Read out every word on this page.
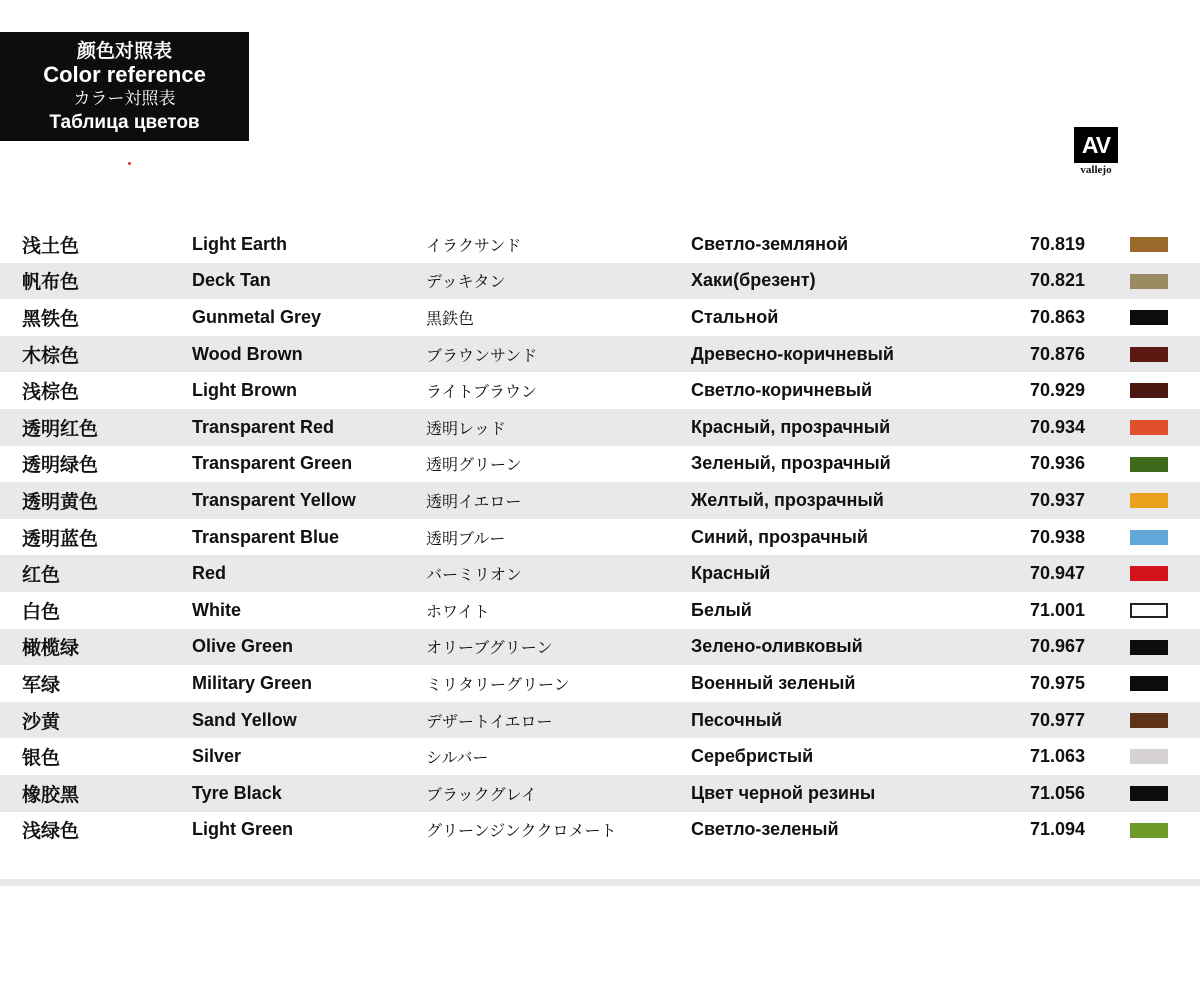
颜色对照表
Color reference
カラー対照表
Таблица цветов
AV
vallejo
浅土色	Light Earth	イラクサンド	Светло-земляной	70.819
帆布色	Deck Tan	デッキタン	Хаки(брезент)	70.821
黑铁色	Gunmetal Grey	黒鉄色	Стальной	70.863
木棕色	Wood Brown	ブラウンサンド	Древесно-коричневый	70.876
浅棕色	Light Brown	ライトブラウン	Светло-коричневый	70.929
透明红色	Transparent Red	透明レッド	Красный, прозрачный	70.934
透明绿色	Transparent Green	透明グリーン	Зеленый, прозрачный	70.936
透明黄色	Transparent Yellow	透明イエロー	Желтый, прозрачный	70.937
透明蓝色	Transparent Blue	透明ブルー	Синий, прозрачный	70.938
红色	Red	バーミリオン	Красный	70.947
白色	White	ホワイト	Белый	71.001
橄榄绿	Olive Green	オリーブグリーン	Зелено-оливковый	70.967
军绿	Military Green	ミリタリーグリーン	Военный зеленый	70.975
沙黄	Sand Yellow	デザートイエロー	Песочный	70.977
银色	Silver	シルバー	Серебристый	71.063
橡胶黑	Tyre Black	ブラックグレイ	Цвет черной резины	71.056
浅绿色	Light Green	グリーンジンククロメート	Светло-зеленый	71.094
